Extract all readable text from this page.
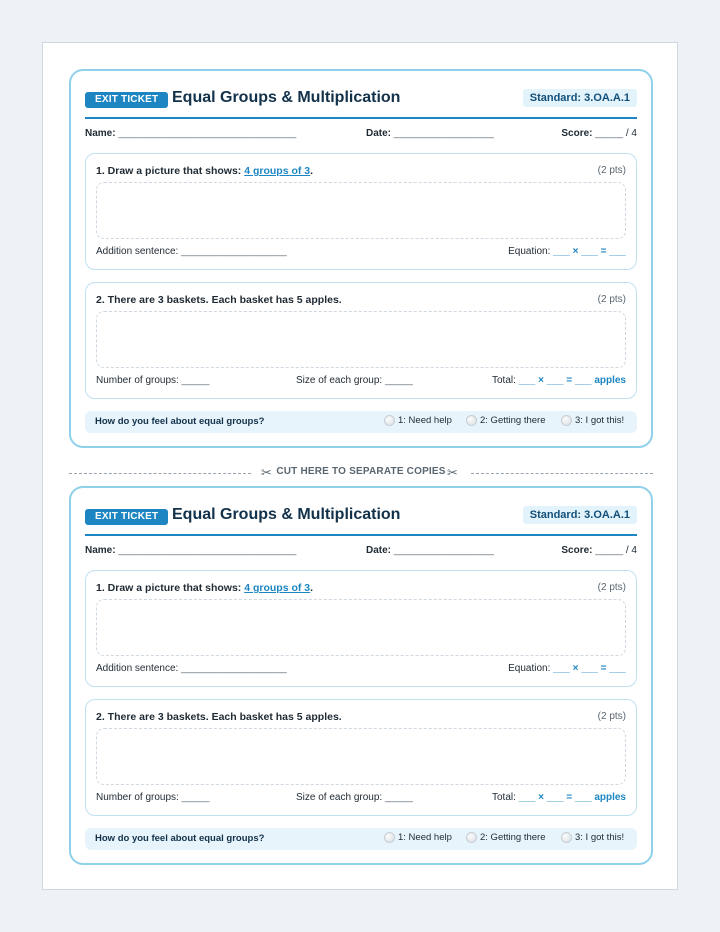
EXIT TICKET Equal Groups & Multiplication	Standard: 3.OA.A.1
Name: ________________________________	Date: __________________	Score: _____ / 4
1. Draw a picture that shows: 4 groups of 3.	(2 pts)
Addition sentence: ___________________	Equation: ___ × ___ = ___
2. There are 3 baskets. Each basket has 5 apples.	(2 pts)
Number of groups: _____	Size of each group: _____	Total: ___ × ___ = ___ apples
How do you feel about equal groups?	1: Need help	2: Getting there	3: I got this!
✂ CUT HERE TO SEPARATE COPIES ✂
EXIT TICKET Equal Groups & Multiplication	Standard: 3.OA.A.1
Name: ________________________________	Date: __________________	Score: _____ / 4
1. Draw a picture that shows: 4 groups of 3.	(2 pts)
Addition sentence: ___________________	Equation: ___ × ___ = ___
2. There are 3 baskets. Each basket has 5 apples.	(2 pts)
Number of groups: _____	Size of each group: _____	Total: ___ × ___ = ___ apples
How do you feel about equal groups?	1: Need help	2: Getting there	3: I got this!
